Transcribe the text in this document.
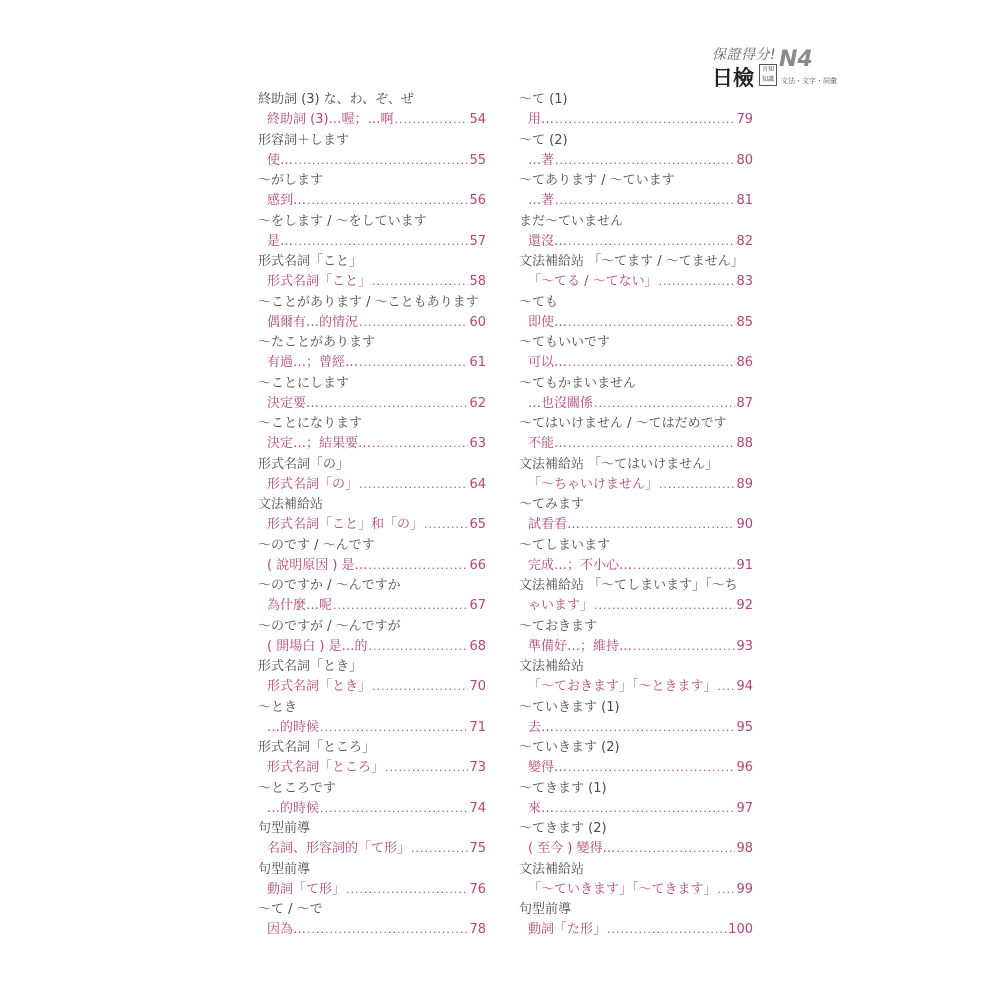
保證得分!
日檢	言知 知識
N4
文法・文字・詞彙
終助詞 (3) な、わ、ぞ、ぜ
終助詞 (3)…喔；…啊 .....	54
形容詞＋します
使… .....	55
〜がします
感到… .....	56
〜をします / 〜をしています
是… .....	57
形式名詞「こと」
形式名詞「こと」 .....	58
〜ことがあります / 〜こともあります
偶爾有…的情況 .....	60
〜たことがあります
有過…；曾經… .....	61
〜ことにします
決定要… .....	62
〜ことになります
決定…；結果要… .....	63
形式名詞「の」
形式名詞「の」 .....	64
文法補給站
形式名詞「こと」和「の」 .....	65
〜のです / 〜んです
( 說明原因 ) 是… .....	66
〜のですか / 〜んですか
為什麼…呢 .....	67
〜のですが / 〜んですが
( 開場白 ) 是…的 .....	68
形式名詞「とき」
形式名詞「とき」 .....	70
〜とき
…的時候 .....	71
形式名詞「ところ」
形式名詞「ところ」 .....	73
〜ところです
…的時候 .....	74
句型前導
名詞、形容詞的「て形」 .....	75
句型前導
動詞「て形」 .....	76
〜て / 〜で
因為… .....	78
〜て (1)
用… .....	79
〜て (2)
…著 .....	80
〜てあります / 〜ています
…著 .....	81
まだ〜ていません
還沒… .....	82
文法補給站 「〜てます / 〜てません」
「〜てる / 〜てない」 .....	83
〜ても
即使… .....	85
〜てもいいです
可以… .....	86
〜てもかまいません
…也沒關係 .....	87
〜てはいけません / 〜てはだめです
不能… .....	88
文法補給站 「〜てはいけません」
「〜ちゃいけません」 .....	89
〜てみます
試看看… .....	90
〜てしまいます
完成…；不小心… .....	91
文法補給站 「〜てしまいます」「〜ち
ゃいます」 .....	92
〜ておきます
準備好…；維持… .....	93
文法補給站
「〜ておきます」「〜ときます」 ..... 94
〜ていきます (1)
去… .....	95
〜ていきます (2)
變得… .....	96
〜てきます (1)
來… .....	97
〜てきます (2)
( 至今 ) 變得… .....	98
文法補給站
「〜ていきます」「〜てきます」 ..... 99
句型前導
動詞「た形」 .....	100
